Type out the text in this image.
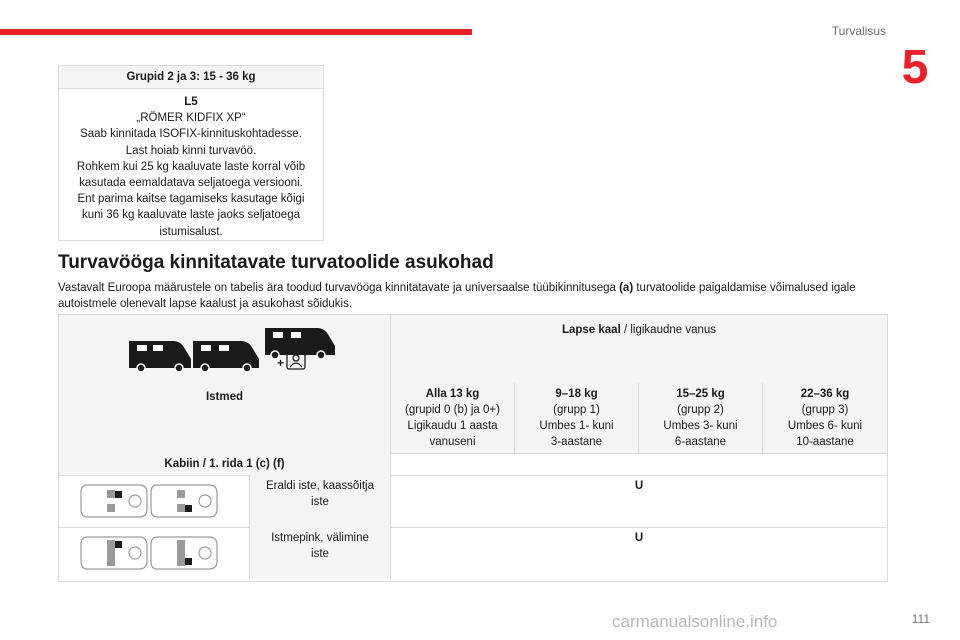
Turvalisus
5
Grupid 2 ja 3: 15 - 36 kg
L5
„RÖMER KIDFIX XP“
Saab kinnitada ISOFIX-kinnituskohtadesse.
Last hoiab kinni turvavöö.
Rohkem kui 25 kg kaaluvate laste korral võib
kasutada eemaldatava seljatoega versiooni.
Ent parima kaitse tagamiseks kasutage kõigi
kuni 36 kg kaaluvate laste jaoks seljatoega
istumisalust.
Turvavööga kinnitatavate turvatoolide asukohad

Vastavalt Euroopa määrustele on tabelis ära toodud turvavööga kinnitatavate ja universaalse tüübikinnitusega (a) turvatoolide paigaldamise võimalused igale autoistmele olenevalt lapse kaalust ja asukohast sõidukis.

+
Lapse kaal / ligikaudne vanus
Istmed	Alla 13 kg
(grupid 0 (b) ja 0+)
Ligikaudu 1 aasta
vanuseni
9–18 kg
(grupp 1)
Umbes 1- kuni
3-aastane
15–25 kg
(grupp 2)
Umbes 3- kuni
6-aastane
22–36 kg
(grupp 3)
Umbes 6- kuni
10-aastane
Kabiin / 1. rida 1 (c) (f)
Eraldi iste, kaassõitja
iste
U
Istmepink, välimine
iste
U
carmanualsonline.info	111
